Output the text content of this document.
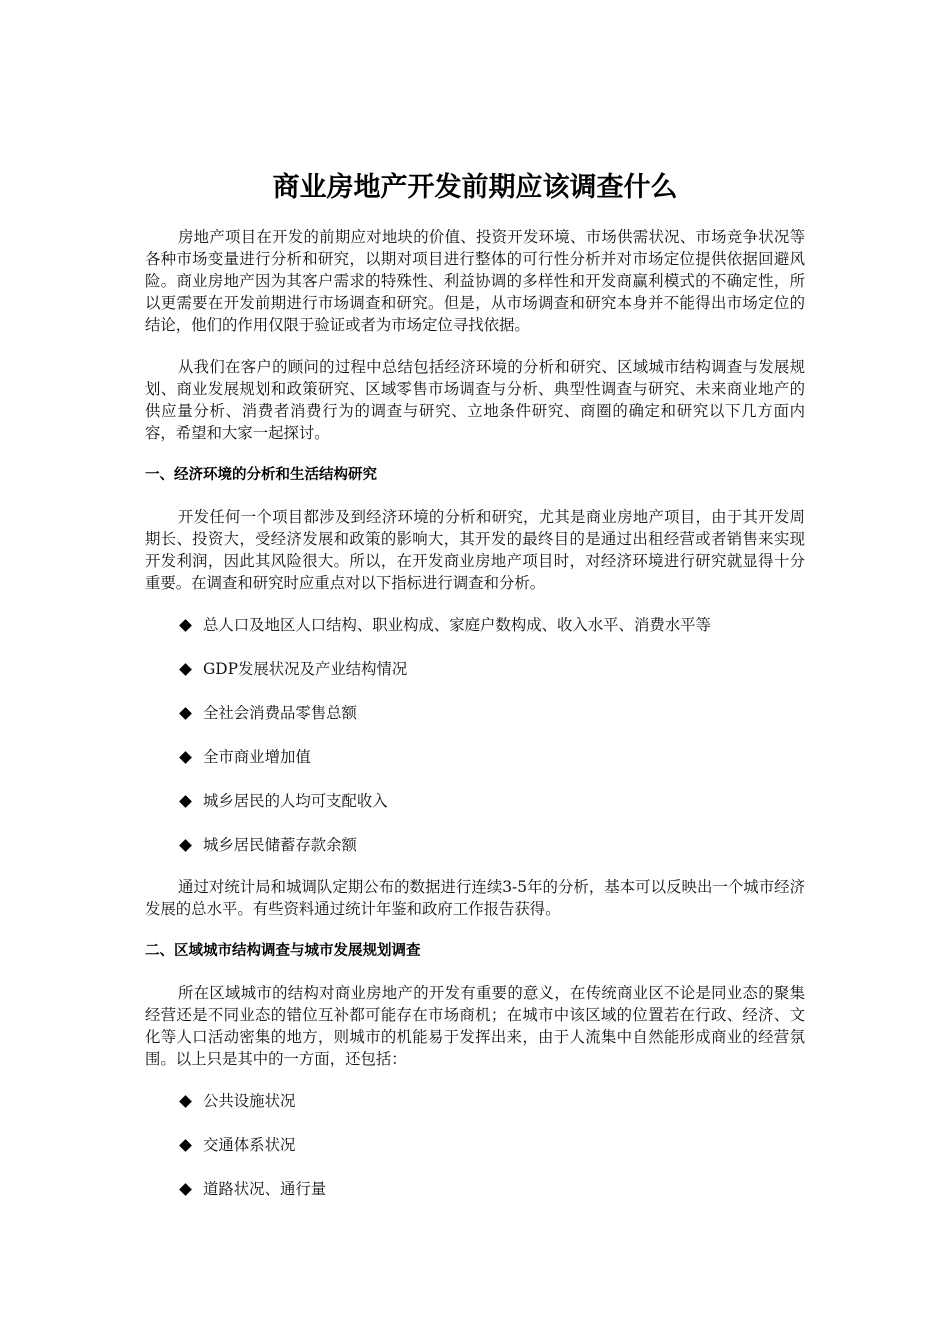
商业房地产开发前期应该调查什么

房地产项目在开发的前期应对地块的价值、投资开发环境、市场供需状况、市场竞争状况等各种市场变量进行分析和研究，以期对项目进行整体的可行性分析并对市场定位提供依据回避风险。商业房地产因为其客户需求的特殊性、利益协调的多样性和开发商赢利模式的不确定性，所以更需要在开发前期进行市场调查和研究。但是，从市场调查和研究本身并不能得出市场定位的结论，他们的作用仅限于验证或者为市场定位寻找依据。

从我们在客户的顾问的过程中总结包括经济环境的分析和研究、区域城市结构调查与发展规划、商业发展规划和政策研究、区域零售市场调查与分析、典型性调查与研究、未来商业地产的供应量分析、消费者消费行为的调查与研究、立地条件研究、商圈的确定和研究以下几方面内容，希望和大家一起探讨。

一、经济环境的分析和生活结构研究

开发任何一个项目都涉及到经济环境的分析和研究，尤其是商业房地产项目，由于其开发周期长、投资大，受经济发展和政策的影响大，其开发的最终目的是通过出租经营或者销售来实现开发利润，因此其风险很大。所以，在开发商业房地产项目时，对经济环境进行研究就显得十分重要。在调查和研究时应重点对以下指标进行调查和分析。

总人口及地区人口结构、职业构成、家庭户数构成、收入水平、消费水平等
GDP发展状况及产业结构情况
全社会消费品零售总额
全市商业增加值
城乡居民的人均可支配收入
城乡居民储蓄存款余额

通过对统计局和城调队定期公布的数据进行连续3-5年的分析，基本可以反映出一个城市经济发展的总水平。有些资料通过统计年鉴和政府工作报告获得。

二、区域城市结构调查与城市发展规划调查

所在区域城市的结构对商业房地产的开发有重要的意义，在传统商业区不论是同业态的聚集经营还是不同业态的错位互补都可能存在市场商机；在城市中该区域的位置若在行政、经济、文化等人口活动密集的地方，则城市的机能易于发挥出来，由于人流集中自然能形成商业的经营氛围。以上只是其中的一方面，还包括：

公共设施状况
交通体系状况
道路状况、通行量
